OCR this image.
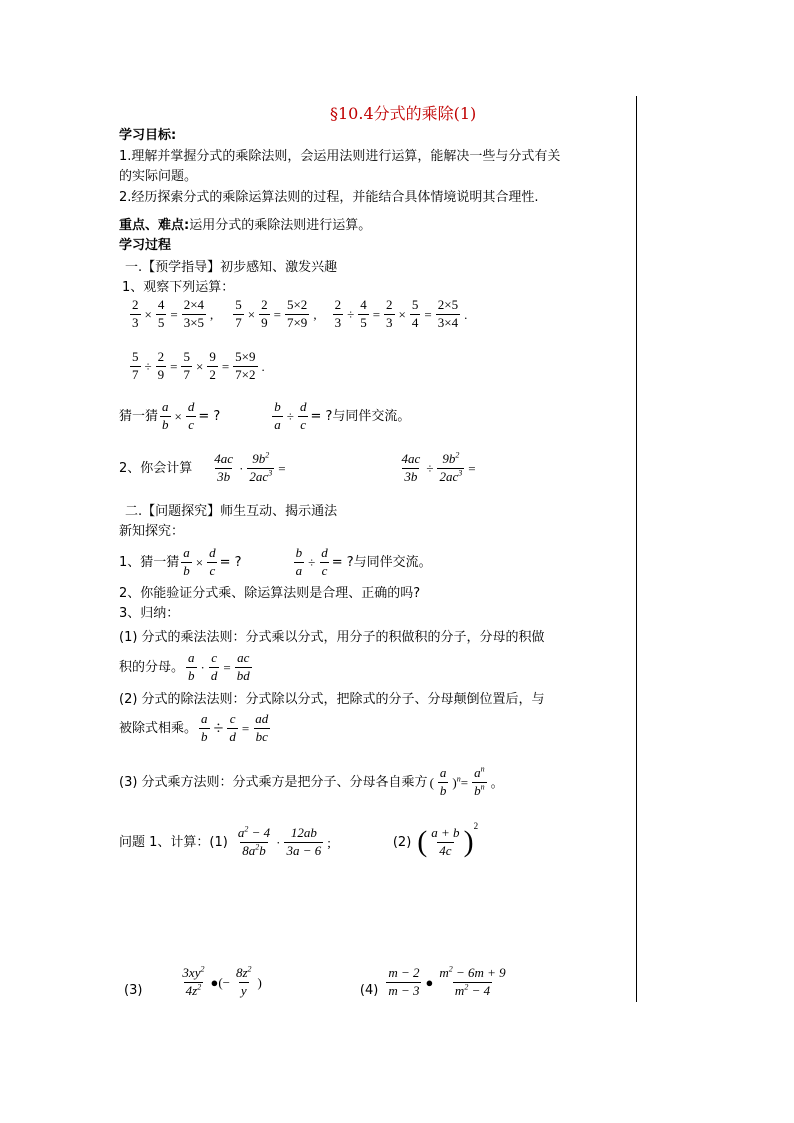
§10.4分式的乘除(1)
学习目标:
1.理解并掌握分式的乘除法则，会运用法则进行运算，能解决一些与分式有关
的实际问题。
2.经历探索分式的乘除运算法则的过程，并能结合具体情境说明其合理性.
重点、难点:运用分式的乘除法则进行运算。
学习过程
一.【预学指导】初步感知、激发兴趣
1、观察下列运算：
$\frac{2}{3} \times \frac{4}{5} = \frac{2\times 4}{3\times 5}$ , $\frac{5}{7} \times \frac{2}{9} = \frac{5\times 2}{7\times 9}$ , $\frac{2}{3} \div \frac{4}{5} = \frac{2}{3} \times \frac{5}{4} = \frac{2\times 5}{3\times 4}$ .
$\frac{5}{7} \div \frac{2}{9} = \frac{5}{7} \times \frac{9}{2} = \frac{5\times 9}{7\times 2}$ .
猜一猜 $\frac{a}{b} \times \frac{d}{c}$ = ?	$\frac{b}{a} \div \frac{d}{c}$ = ?与同伴交流。
2、你会计算 $\frac{4ac}{3b} \cdot \frac{9b^2}{2ac^3}$ =	$\frac{4ac}{3b} \div \frac{9b^2}{2ac^3}$ =
二.【问题探究】师生互动、揭示通法
新知探究：
1、猜一猜 $\frac{a}{b} \times \frac{d}{c}$ = ?	$\frac{b}{a} \div \frac{d}{c}$ = ?与同伴交流。
2、你能验证分式乘、除运算法则是合理、正确的吗?
3、归纳：
(1) 分式的乘法法则：分式乘以分式，用分子的积做积的分子，分母的积做
积的分母。 $\frac{a}{b} \cdot \frac{c}{d} = \frac{ac}{bd}$
(2) 分式的除法法则：分式除以分式，把除式的分子、分母颠倒位置后，与
被除式相乘。 $\frac{a}{b} \div \frac{c}{d} = \frac{ad}{bc}$
(3) 分式乘方法则：分式乘方是把分子、分母各自乘方 ( $\frac{a}{b} )^n= \frac{a^n}{b^n}$ 。
问题 1、计算： $(1) \frac{a^2 - 4}{8a^2b} \cdot \frac{12ab}{3a - 6}$ ;	(2) ( $\frac{a + b}{4c}$ ) 2
(3)	$\frac{3xy^2}{4z^2}$ ●(− $\frac{8z^2}{y}$ )
$(4) \frac{m - 2}{m - 3}$ ● $\frac{m^2 - 6m + 9}{m^2 - 4}$
